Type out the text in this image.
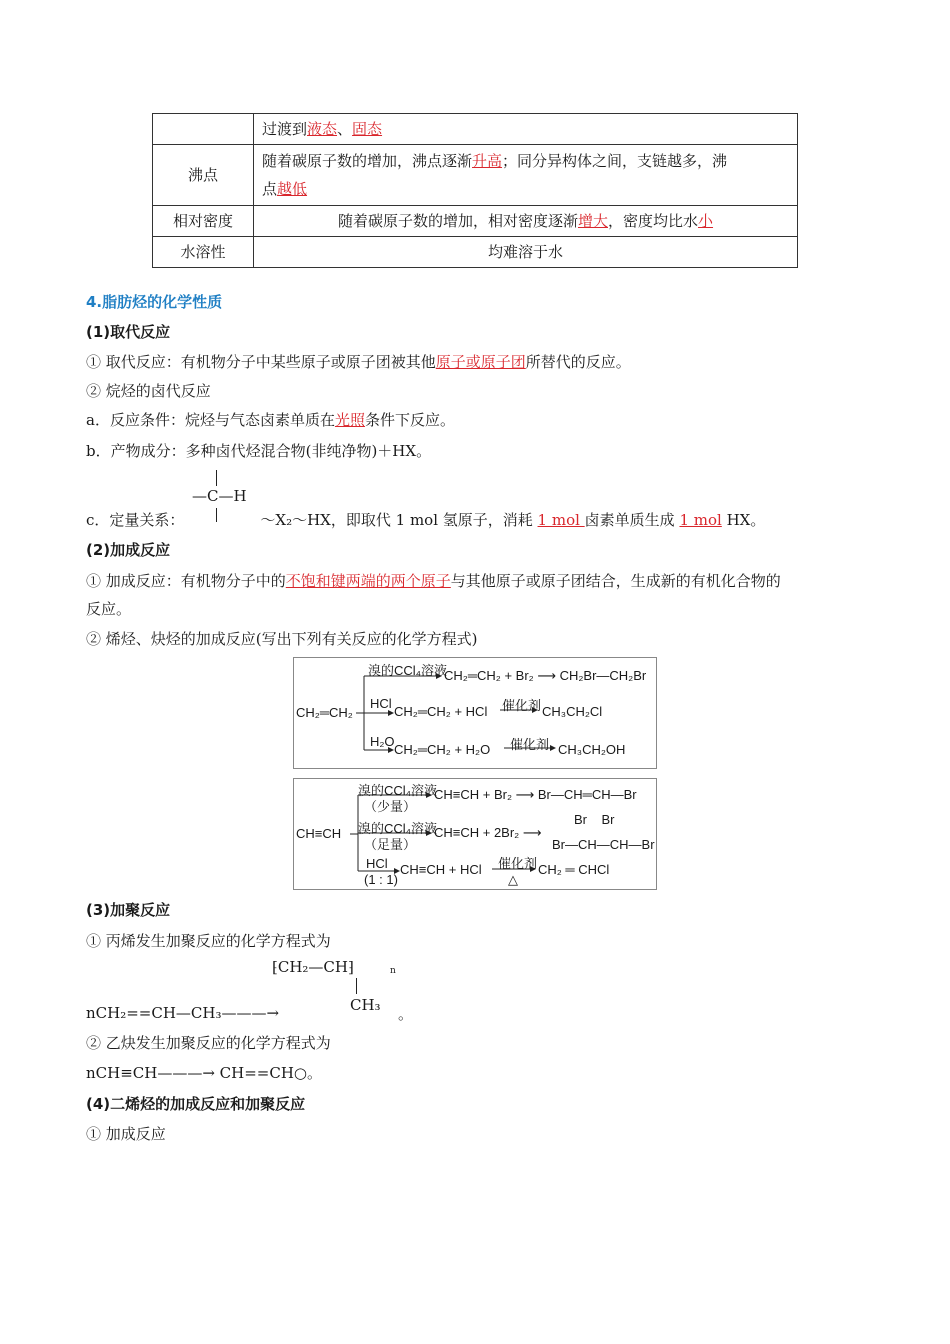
	过渡到液态、固态
沸点	随着碳原子数的增加，沸点逐渐升高；同分异构体之间，支链越多，沸
点越低
相对密度	随着碳原子数的增加，相对密度逐渐增大，密度均比水小
水溶性	均难溶于水
4.脂肪烃的化学性质
(1)取代反应
① 取代反应：有机物分子中某些原子或原子团被其他原子或原子团所替代的反应。
② 烷烃的卤代反应
a．反应条件：烷烃与气态卤素单质在光照条件下反应。
b．产物成分：多种卤代烃混合物(非纯净物)＋HX。
—C—H
c．定量关系：	～X₂～HX，即取代 1 mol 氢原子，消耗 1 mol 卤素单质生成 1 mol HX。
(2)加成反应
① 加成反应：有机物分子中的不饱和键两端的两个原子与其他原子或原子团结合，生成新的有机化合物的
反应。
② 烯烃、炔烃的加成反应(写出下列有关反应的化学方程式)
CH₂═CH₂
溴的CCl₄溶液
CH₂═CH₂ + Br₂ ⟶ CH₂Br—CH₂Br
HCl
CH₂═CH₂ + HCl 催化剂 CH₃CH₂Cl
H₂O
CH₂═CH₂ + H₂O 催化剂 CH₃CH₂OH
CH≡CH
溴的CCl₄溶液
（少量）
CH≡CH + Br₂ ⟶ Br—CH═CH—Br
溴的CCl₄溶液
（足量）
CH≡CH + 2Br₂ ⟶
Br    Br
Br—CH—CH—Br
HCl
(1 : 1)
CH≡CH + HCl 催化剂
△
CH₂ ═ CHCl
(3)加聚反应
① 丙烯发生加聚反应的化学方程式为
⁅CH₂—CH⁆	n
CH₃
nCH₂==CH—CH₃———→	。
② 乙炔发生加聚反应的化学方程式为
nCH≡CH———→ CH==CH○。
(4)二烯烃的加成反应和加聚反应
① 加成反应
